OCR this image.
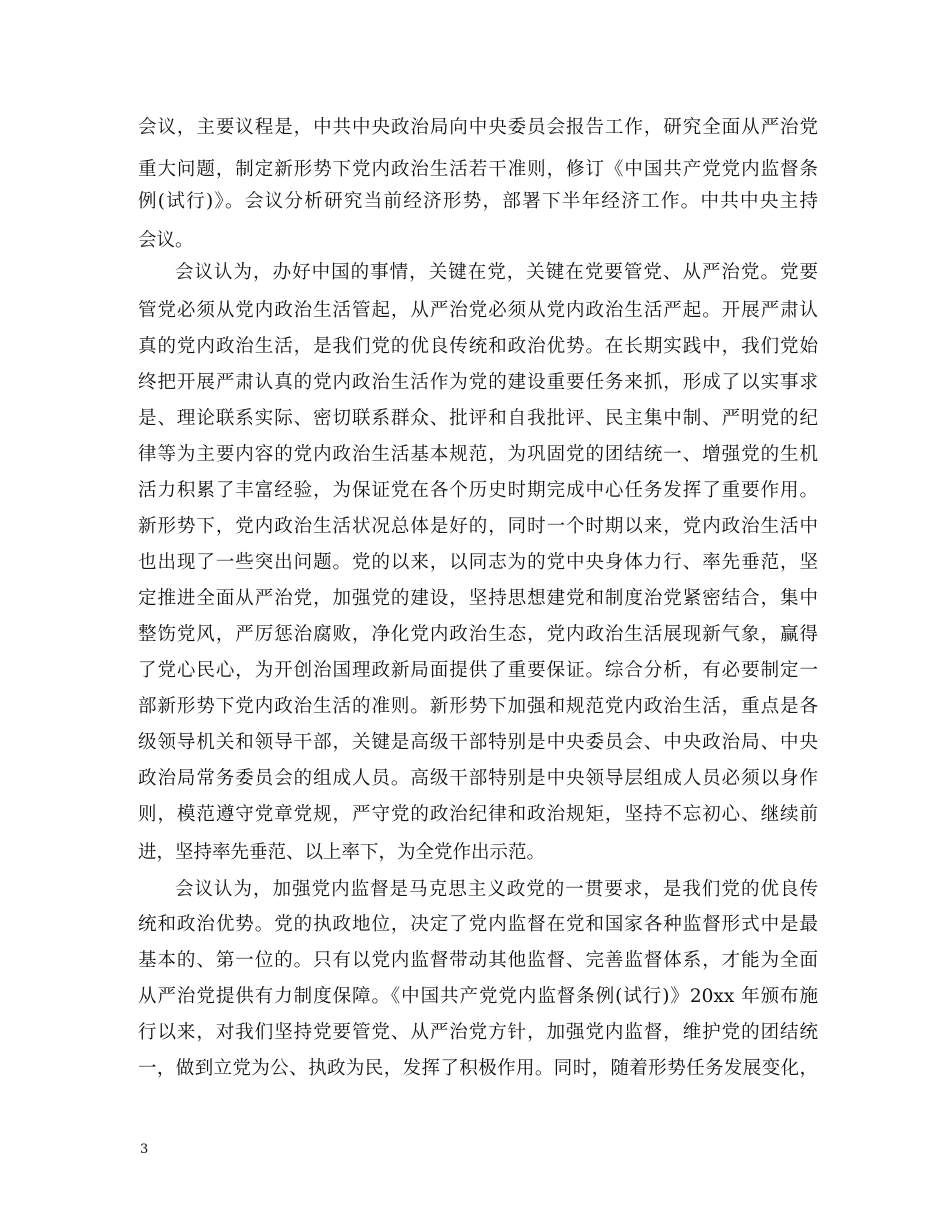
会议，主要议程是，中共中央政治局向中央委员会报告工作，研究全面从严治党
重大问题，制定新形势下党内政治生活若干准则，修订《中国共产党党内监督条
例(试行)》。会议分析研究当前经济形势，部署下半年经济工作。中共中央主持
会议。
会议认为，办好中国的事情，关键在党，关键在党要管党、从严治党。党要
管党必须从党内政治生活管起，从严治党必须从党内政治生活严起。开展严肃认
真的党内政治生活，是我们党的优良传统和政治优势。在长期实践中，我们党始
终把开展严肃认真的党内政治生活作为党的建设重要任务来抓，形成了以实事求
是、理论联系实际、密切联系群众、批评和自我批评、民主集中制、严明党的纪
律等为主要内容的党内政治生活基本规范，为巩固党的团结统一、增强党的生机
活力积累了丰富经验，为保证党在各个历史时期完成中心任务发挥了重要作用。
新形势下，党内政治生活状况总体是好的，同时一个时期以来，党内政治生活中
也出现了一些突出问题。党的以来，以同志为的党中央身体力行、率先垂范，坚
定推进全面从严治党，加强党的建设，坚持思想建党和制度治党紧密结合，集中
整饬党风，严厉惩治腐败，净化党内政治生态，党内政治生活展现新气象，赢得
了党心民心，为开创治国理政新局面提供了重要保证。综合分析，有必要制定一
部新形势下党内政治生活的准则。新形势下加强和规范党内政治生活，重点是各
级领导机关和领导干部，关键是高级干部特别是中央委员会、中央政治局、中央
政治局常务委员会的组成人员。高级干部特别是中央领导层组成人员必须以身作
则，模范遵守党章党规，严守党的政治纪律和政治规矩，坚持不忘初心、继续前
进，坚持率先垂范、以上率下，为全党作出示范。
会议认为，加强党内监督是马克思主义政党的一贯要求，是我们党的优良传
统和政治优势。党的执政地位，决定了党内监督在党和国家各种监督形式中是最
基本的、第一位的。只有以党内监督带动其他监督、完善监督体系，才能为全面
从严治党提供有力制度保障。《中国共产党党内监督条例(试行)》20xx 年颁布施
行以来，对我们坚持党要管党、从严治党方针，加强党内监督，维护党的团结统
一，做到立党为公、执政为民，发挥了积极作用。同时，随着形势任务发展变化，
3
